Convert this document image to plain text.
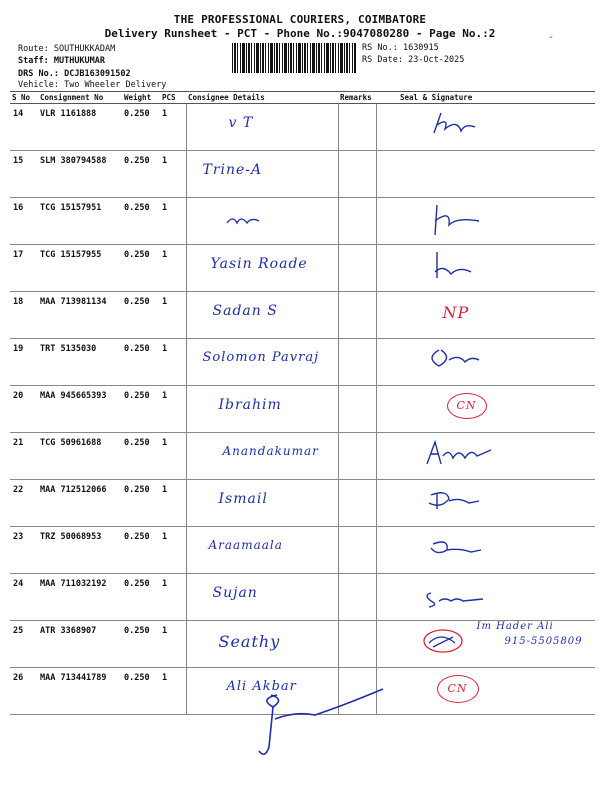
THE PROFESSIONAL COURIERS, COIMBATORE
Delivery Runsheet - PCT - Phone No.:9047080280 - Page No.:2	-
Route: SOUTHUKKADAM
Staff: MUTHUKUMAR
DRS No.: DCJB163091502
Vehicle: Two Wheeler Delivery
RS No.: 1630915
RS Date: 23-Oct-2025
S No	Consignment No	Weight	PCS	Consignee Details	Remarks	Seal & Signature
14	VLR 1161888	0.250	1	v T		

15	SLM 380794588	0.250	1	Trine-A		
16	TCG 15157951	0.250	1			

17	TCG 15157955	0.250	1	Yasin Roade		

18	MAA 713981134	0.250	1	Sadan S		NP
19	TRT 5135030	0.250	1	Solomon Pavraj		

20	MAA 945665393	0.250	1	Ibrahim		CN

21	TCG 50961688	0.250	1	Anandakumar		

22	MAA 712512066	0.250	1	Ismail		

23	TRZ 50068953	0.250	1	Araamaala		

24	MAA 711032192	0.250	1	Sujan		

25	ATR 3368907	0.250	1	Seathy		Im Hader Ali
915-5505809

26	MAA 713441789	0.250	1	Ali Akbar		CN
